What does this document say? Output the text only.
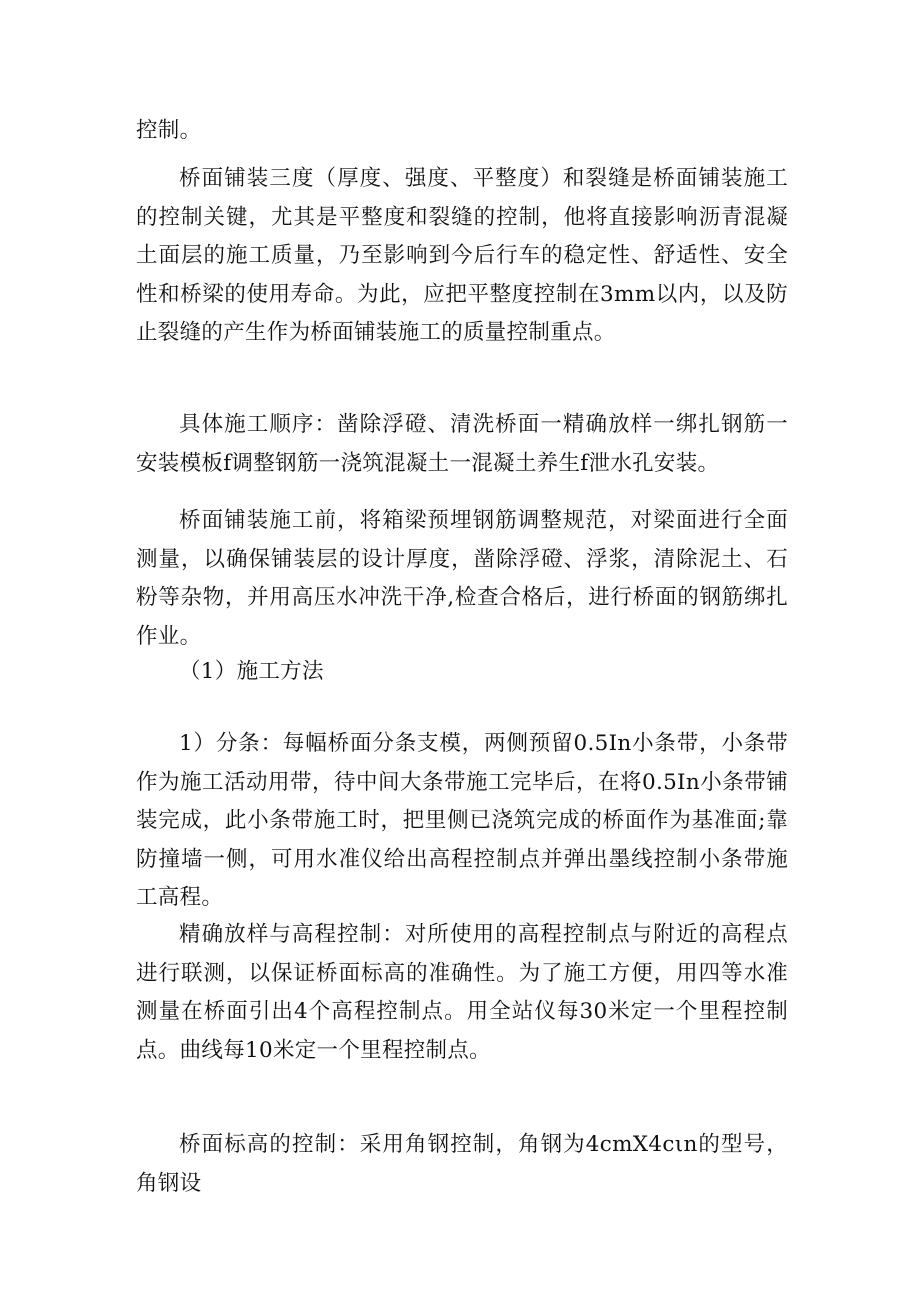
控制。

桥面铺装三度（厚度、强度、平整度）和裂缝是桥面铺装施工的控制关键，尤其是平整度和裂缝的控制，他将直接影响沥青混凝土面层的施工质量，乃至影响到今后行车的稳定性、舒适性、安全性和桥梁的使用寿命。为此，应把平整度控制在3mm以内，以及防止裂缝的产生作为桥面铺装施工的质量控制重点。

具体施工顺序：凿除浮磴、清洗桥面一精确放样一绑扎钢筋一安装模板f调整钢筋一浇筑混凝土一混凝土养生f泄水孔安装。

桥面铺装施工前，将箱梁预埋钢筋调整规范，对梁面进行全面测量，以确保铺装层的设计厚度，凿除浮磴、浮浆，清除泥土、石粉等杂物，并用高压水冲洗干净,检查合格后，进行桥面的钢筋绑扎作业。

（1）施工方法

1）分条：每幅桥面分条支模，两侧预留0.5In小条带，小条带作为施工活动用带，待中间大条带施工完毕后，在将0.5In小条带铺装完成，此小条带施工时，把里侧已浇筑完成的桥面作为基准面;靠防撞墙一侧，可用水准仪给出高程控制点并弹出墨线控制小条带施工高程。

精确放样与高程控制：对所使用的高程控制点与附近的高程点进行联测，以保证桥面标高的准确性。为了施工方便，用四等水准测量在桥面引出4个高程控制点。用全站仪每30米定一个里程控制点。曲线每10米定一个里程控制点。

桥面标高的控制：采用角钢控制，角钢为4cmX4cιn的型号，角钢设
